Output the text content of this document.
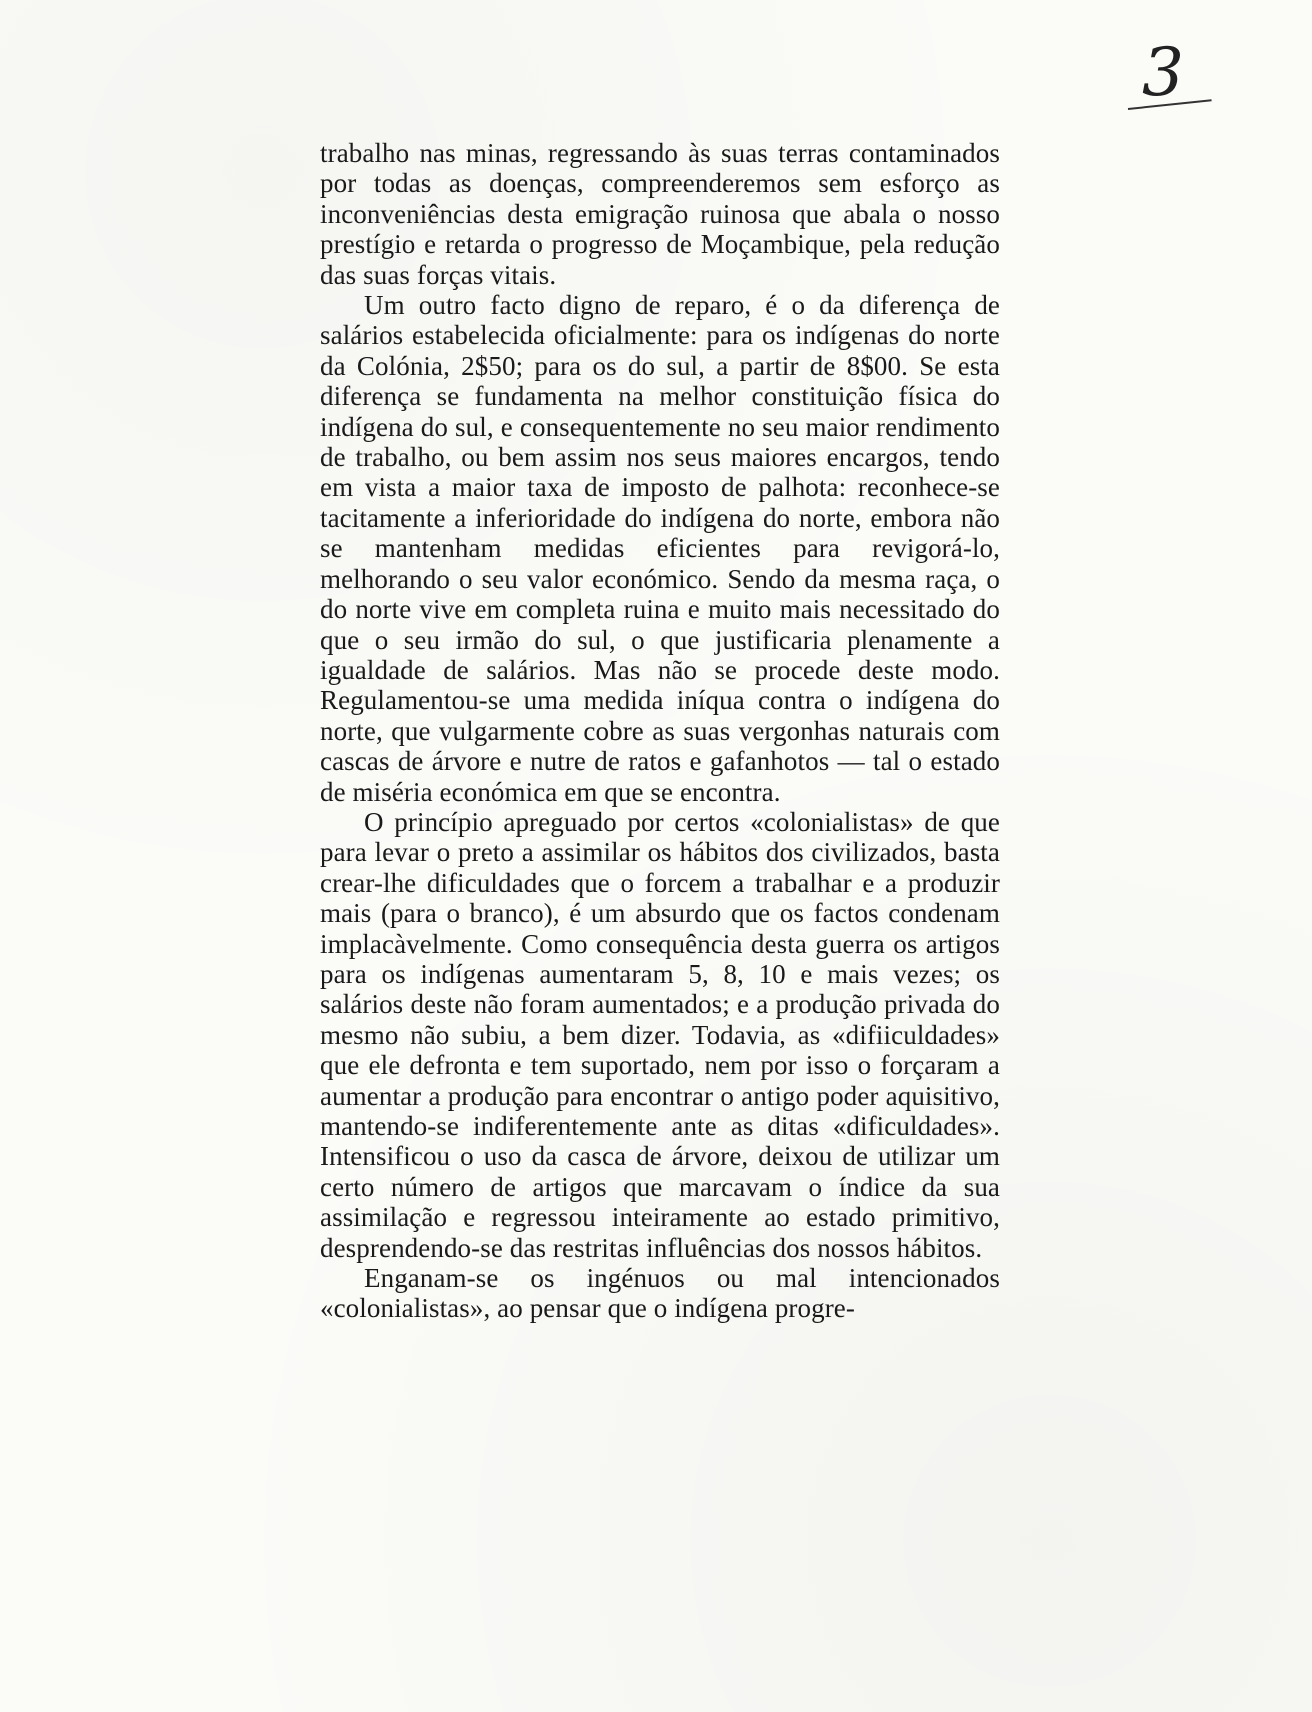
3

trabalho nas minas, regressando às suas terras contaminados por todas as doenças, compreenderemos sem esforço as inconveniências desta emigração ruinosa que abala o nosso prestígio e retarda o progresso de Moçambique, pela redução das suas forças vitais.

Um outro facto digno de reparo, é o da diferença de salários estabelecida oficialmente: para os indígenas do norte da Colónia, 2$50; para os do sul, a partir de 8$00. Se esta diferença se fundamenta na melhor constituição física do indígena do sul, e consequentemente no seu maior rendimento de trabalho, ou bem assim nos seus maiores encargos, tendo em vista a maior taxa de imposto de palhota: reconhece-se tacitamente a inferioridade do indígena do norte, embora não se mantenham medidas eficientes para revigorá-lo, melhorando o seu valor económico. Sendo da mesma raça, o do norte vive em completa ruina e muito mais necessitado do que o seu irmão do sul, o que justificaria plenamente a igualdade de salários. Mas não se procede deste modo. Regulamentou-se uma medida iníqua contra o indígena do norte, que vulgarmente cobre as suas vergonhas naturais com cascas de árvore e nutre de ratos e gafanhotos — tal o estado de miséria económica em que se encontra.

O princípio apreguado por certos «colonialistas» de que para levar o preto a assimilar os hábitos dos civilizados, basta crear-lhe dificuldades que o forcem a trabalhar e a produzir mais (para o branco), é um absurdo que os factos condenam implacàvelmente. Como consequência desta guerra os artigos para os indígenas aumentaram 5, 8, 10 e mais vezes; os salários deste não foram aumentados; e a produção privada do mesmo não subiu, a bem dizer. Todavia, as «difiiculdades» que ele defronta e tem suportado, nem por isso o forçaram a aumentar a produção para encontrar o antigo poder aquisitivo, mantendo-se indiferentemente ante as ditas «dificuldades». Intensificou o uso da casca de árvore, deixou de utilizar um certo número de artigos que marcavam o índice da sua assimilação e regressou inteiramente ao estado primitivo, desprendendo-se das restritas influências dos nossos hábitos.

Enganam-se os ingénuos ou mal intencionados «colonialistas», ao pensar que o indígena progre-
